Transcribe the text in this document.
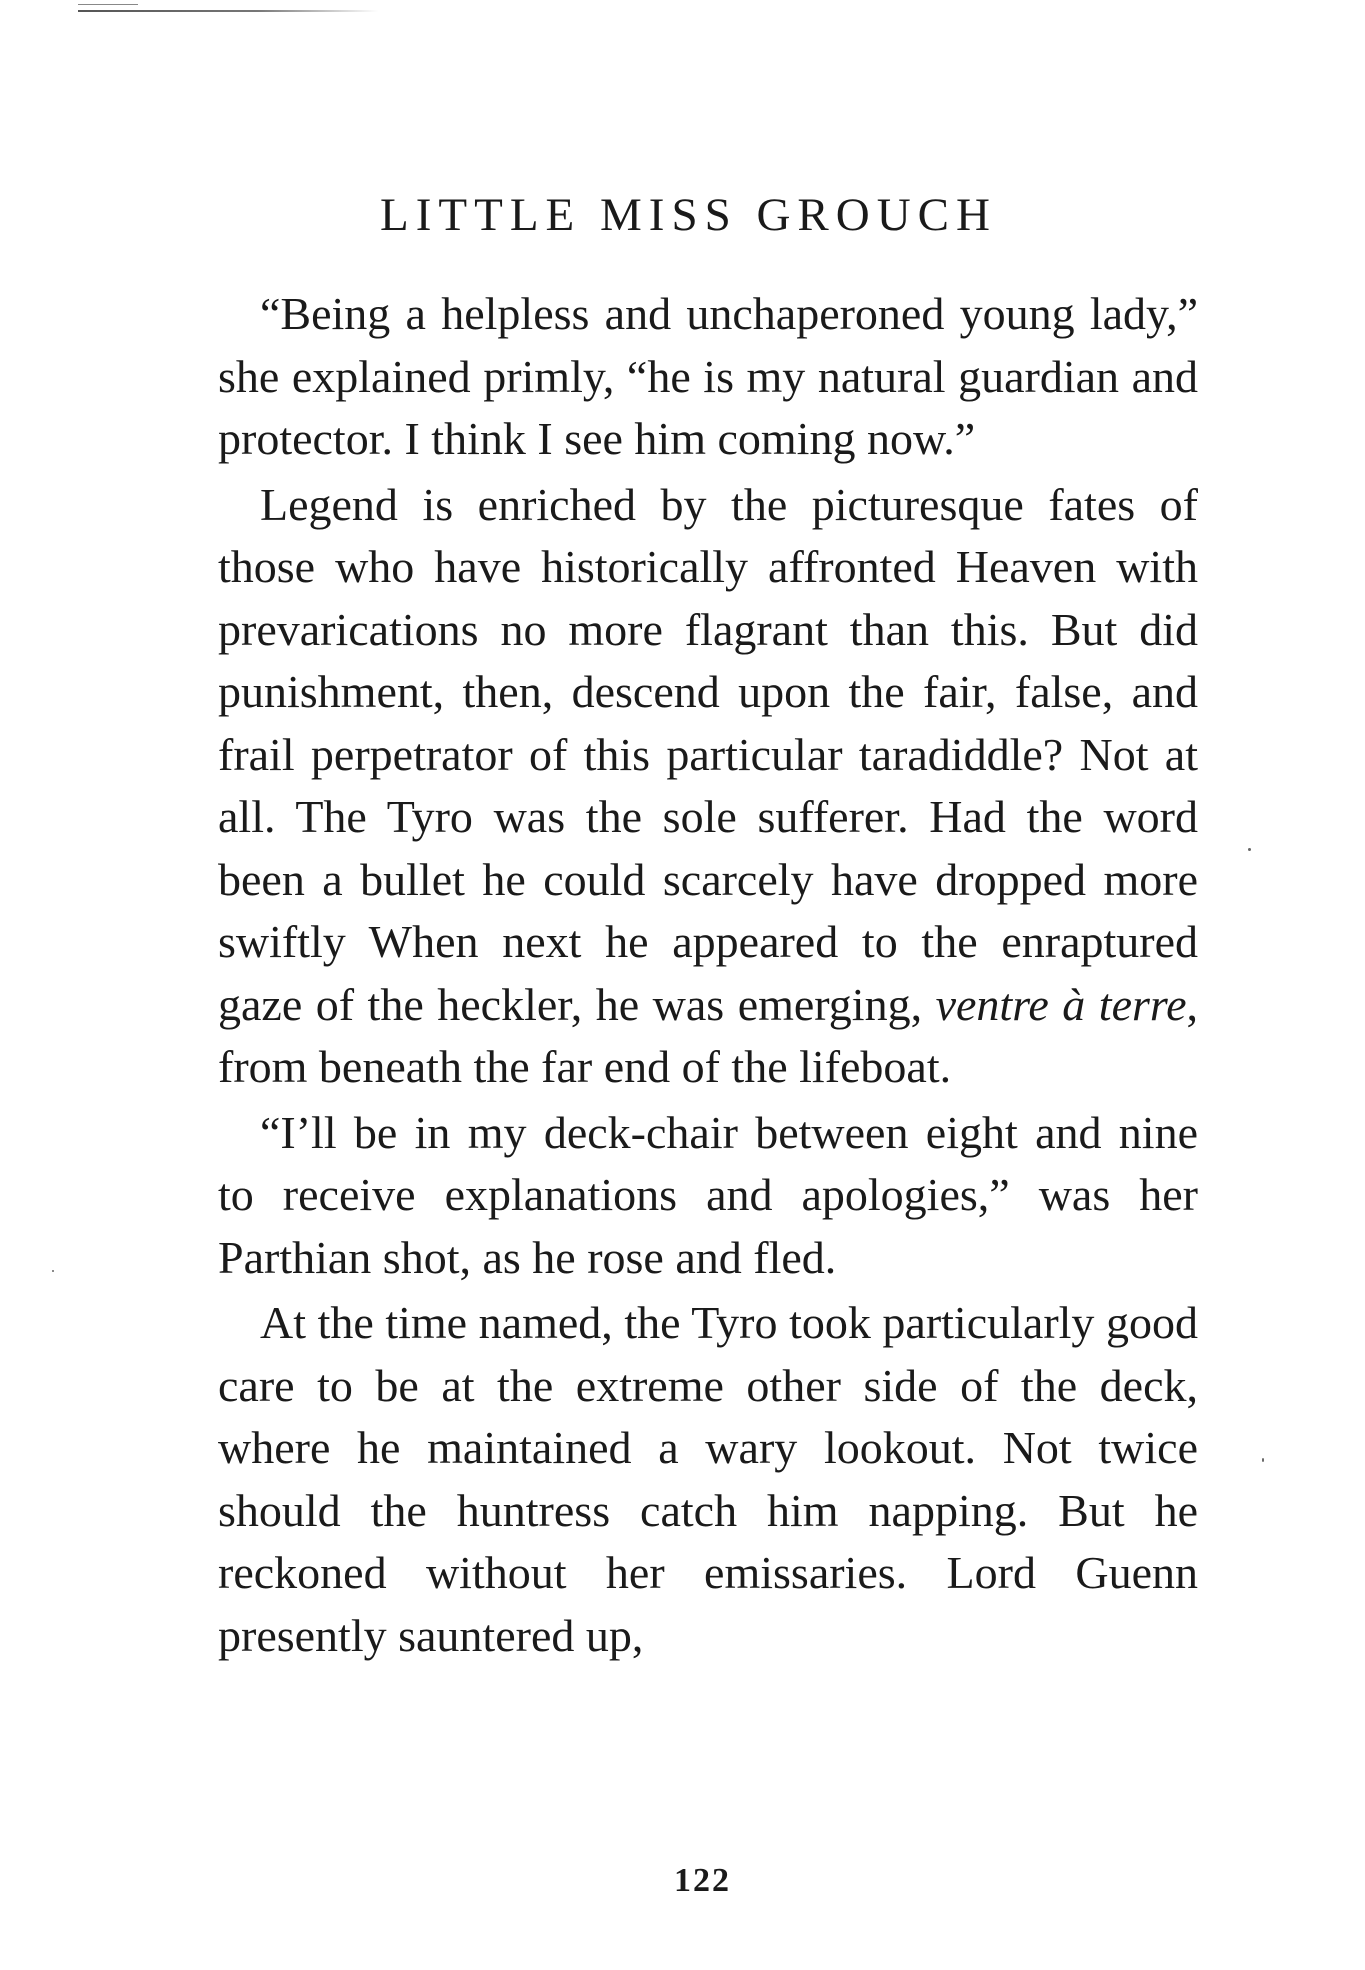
LITTLE MISS GROUCH

“Being a helpless and unchaperoned young lady,” she explained primly, “he is my natural guardian and protector. I think I see him coming now.”

Legend is enriched by the picturesque fates of those who have historically affronted Heaven with prevarications no more flagrant than this. But did punishment, then, descend upon the fair, false, and frail perpetrator of this particular taradiddle? Not at all. The Tyro was the sole sufferer. Had the word been a bullet he could scarcely have dropped more swiftly When next he appeared to the enraptured gaze of the heckler, he was emerging, ventre à terre, from beneath the far end of the lifeboat.

“I’ll be in my deck-chair between eight and nine to receive explanations and apologies,” was her Parthian shot, as he rose and fled.

At the time named, the Tyro took particularly good care to be at the extreme other side of the deck, where he maintained a wary lookout. Not twice should the huntress catch him napping. But he reckoned without her emissaries. Lord Guenn presently sauntered up,

122
